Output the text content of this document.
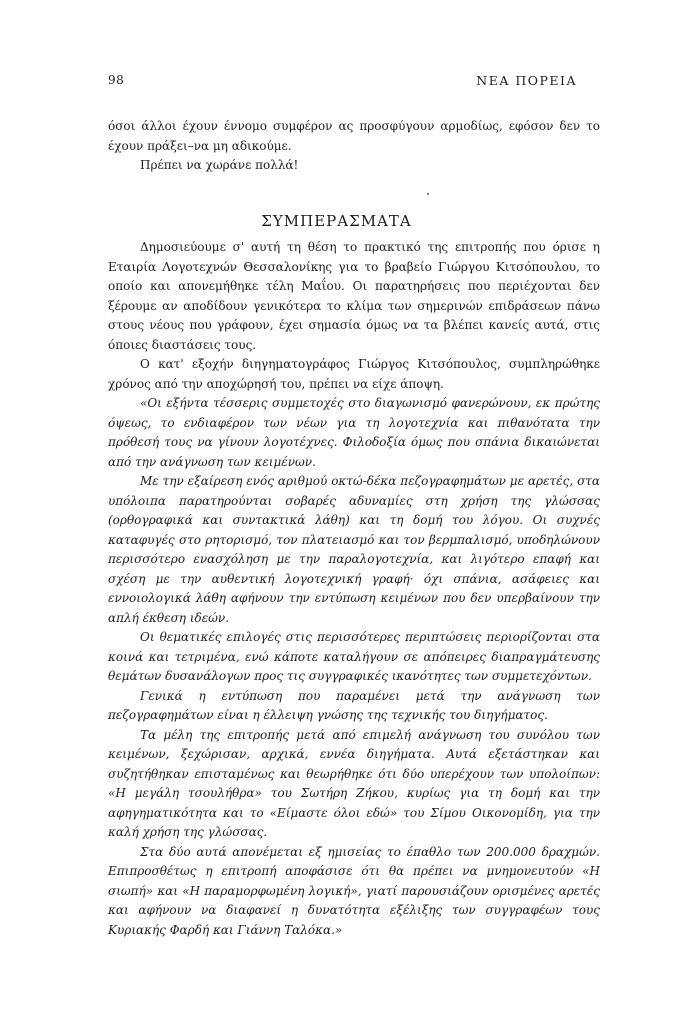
98	ΝΕΑ ΠΟΡΕΙΑ

όσοι άλλοι έχουν έννομο συμφέρον ας προσφύγουν αρμοδίως, εφόσον δεν το έχουν πράξει–να μη αδικούμε.

Πρέπει να χωράνε πολλά!

ΣΥΜΠΕΡΑΣΜΑΤΑ

Δημοσιεύουμε σ' αυτή τη θέση το πρακτικό της επιτροπής που όρισε η Εταιρία Λογοτεχνών Θεσσαλονίκης για το βραβείο Γιώργου Κιτσόπουλου, το οποίο και απονεμήθηκε τέλη Μαΐου. Οι παρατηρήσεις που περιέχονται δεν ξέρουμε αν αποδίδουν γενικότερα το κλίμα των σημερινών επιδράσεων πάνω στους νέους που γράφουν, έχει σημασία όμως να τα βλέπει κανείς αυτά, στις όποιες διαστάσεις τους.

Ο κατ' εξοχήν διηγηματογράφος Γιώργος Κιτσόπουλος, συμπληρώθηκε χρόνος από την αποχώρησή του, πρέπει να είχε άποψη.

«Οι εξήντα τέσσερις συμμετοχές στο διαγωνισμό φανερώνουν, εκ πρώτης όψεως, το ενδιαφέρον των νέων για τη λογοτεχνία και πιθανότατα την πρόθεσή τους να γίνουν λογοτέχνες. Φιλοδοξία όμως που σπάνια δικαιώνεται από την ανάγνωση των κειμένων.

Με την εξαίρεση ενός αριθμού οκτώ-δέκα πεζογραφημάτων με αρετές, στα υπόλοιπα παρατηρούνται σοβαρές αδυναμίες στη χρήση της γλώσσας (ορθογραφικά και συντακτικά λάθη) και τη δομή του λόγου. Οι συχνές καταφυγές στο ρητορισμό, τον πλατειασμό και τον βερμπαλισμό, υποδηλώνουν περισσότερο ενασχόληση με την παραλογοτεχνία, και λιγότερο επαφή και σχέση με την αυθεντική λογοτεχνική γραφή· όχι σπάνια, ασάφειες και εννοιολογικά λάθη αφήνουν την εντύπωση κειμένων που δεν υπερβαίνουν την απλή έκθεση ιδεών.

Οι θεματικές επιλογές στις περισσότερες περιπτώσεις περιορίζονται στα κοινά και τετριμένα, ενώ κάποτε καταλήγουν σε απόπειρες διαπραγμάτευσης θεμάτων δυσανάλογων προς τις συγγραφικές ικανότητες των συμμετεχόντων.

Γενικά η εντύπωση που παραμένει μετά την ανάγνωση των πεζογραφημάτων είναι η έλλειψη γνώσης της τεχνικής του διηγήματος.

Τα μέλη της επιτροπής μετά από επιμελή ανάγνωση του συνόλου των κειμένων, ξεχώρισαν, αρχικά, εννέα διηγήματα. Αυτά εξετάστηκαν και συζητήθηκαν επισταμένως και θεωρήθηκε ότι δύο υπερέχουν των υπολοίπων: «Η μεγάλη τσουλήθρα» του Σωτήρη Ζήκου, κυρίως για τη δομή και την αφηγηματικότητα και το «Είμαστε όλοι εδώ» του Σίμου Οικονομίδη, για την καλή χρήση της γλώσσας.

Στα δύο αυτά απονέμεται εξ ημισείας το έπαθλο των 200.000 δραχμών. Επιπροσθέτως η επιτροπή αποφάσισε ότι θα πρέπει να μνημονευτούν «Η σιωπή» και «Η παραμορφωμένη λογική», γιατί παρουσιάζουν ορισμένες αρετές και αφήνουν να διαφανεί η δυνατότητα εξέλιξης των συγγραφέων τους Κυριακής Φαρδή και Γιάννη Ταλόκα.»
